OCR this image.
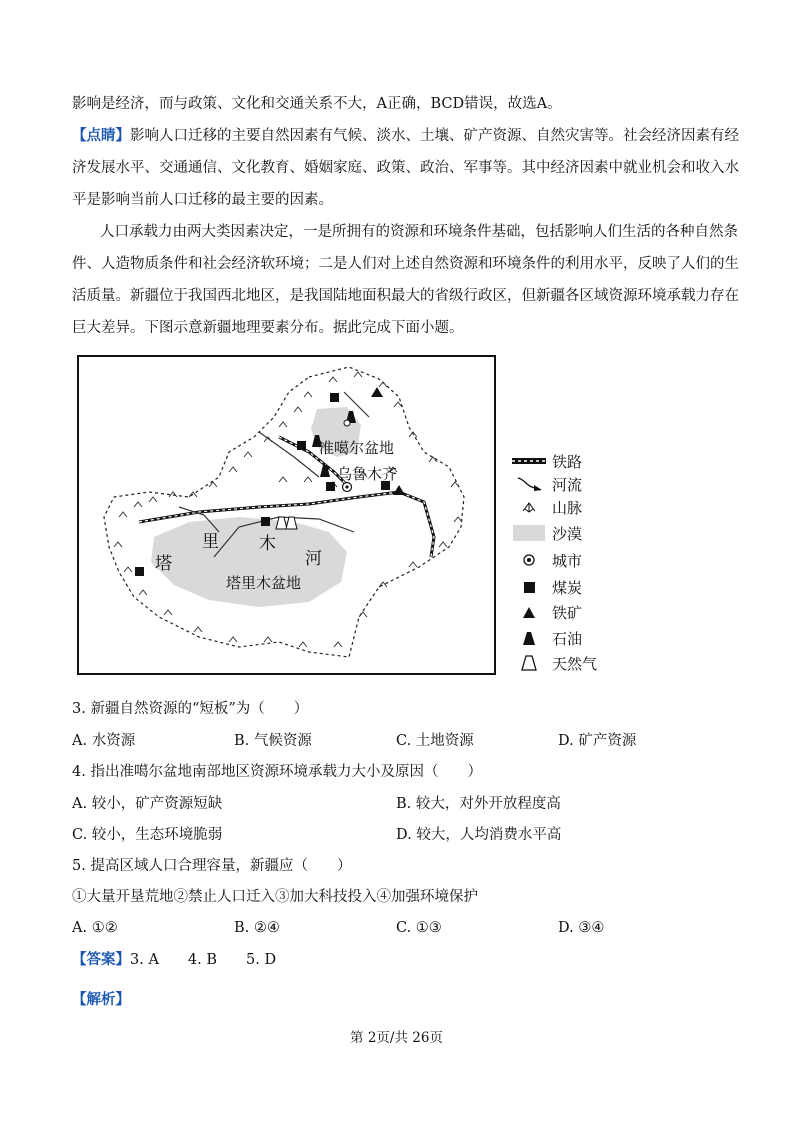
影响是经济，而与政策、文化和交通关系不大，A正确，BCD错误，故选A。
【点睛】影响人口迁移的主要自然因素有气候、淡水、土壤、矿产资源、自然灾害等。社会经济因素有经
济发展水平、交通通信、文化教育、婚姻家庭、政策、政治、军事等。其中经济因素中就业机会和收入水
平是影响当前人口迁移的最主要的因素。
人口承载力由两大类因素决定，一是所拥有的资源和环境条件基础，包括影响人们生活的各种自然条
件、人造物质条件和社会经济软环境；二是人们对上述自然资源和环境条件的利用水平，反映了人们的生
活质量。新疆位于我国西北地区，是我国陆地面积最大的省级行政区，但新疆各区域资源环境承载力存在
巨大差异。下图示意新疆地理要素分布。据此完成下面小题。
准噶尔盆地
乌鲁木齐
塔
里 木
河
塔里木盆地
铁路
河流
山脉
沙漠
城市
煤炭
铁矿
石油
天然气
3. 新疆自然资源的“短板”为（　　）
A. 水资源	B. 气候资源	C. 土地资源	D. 矿产资源
4. 指出准噶尔盆地南部地区资源环境承载力大小及原因（　　）
A. 较小，矿产资源短缺	B. 较大，对外开放程度高
C. 较小，生态环境脆弱	D. 较大，人均消费水平高
5. 提高区域人口合理容量，新疆应（　　）
①大量开垦荒地②禁止人口迁入③加大科技投入④加强环境保护
A. ①②	B. ②④	C. ①③	D. ③④
【答案】3. A　　4. B　　5. D
【解析】
第 2页/共 26页
